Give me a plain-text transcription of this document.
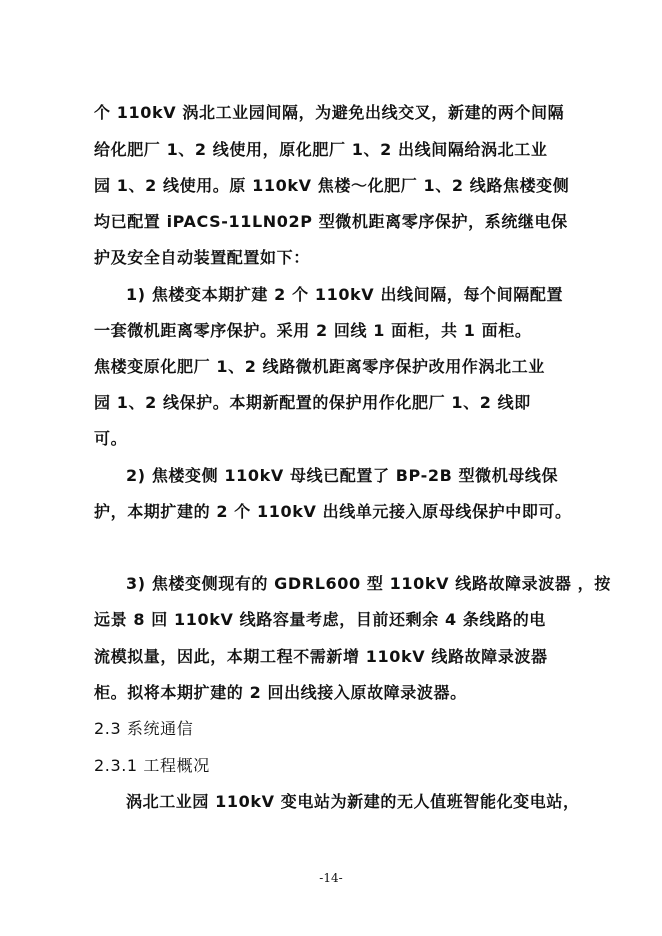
个 110kV 涡北工业园间隔，为避免出线交叉，新建的两个间隔
给化肥厂 1、2 线使用，原化肥厂 1、2 出线间隔给涡北工业
园 1、2 线使用。原 110kV 焦楼～化肥厂 1、2 线路焦楼变侧
均已配置 iPACS-11LN02P 型微机距离零序保护，系统继电保
护及安全自动装置配置如下：
1) 焦楼变本期扩建 2 个 110kV 出线间隔，每个间隔配置
一套微机距离零序保护。采用 2 回线 1 面柜，共 1 面柜。
焦楼变原化肥厂 1、2 线路微机距离零序保护改用作涡北工业
园 1、2 线保护。本期新配置的保护用作化肥厂 1、2 线即
可。
2) 焦楼变侧 110kV 母线已配置了 BP-2B 型微机母线保
护，本期扩建的 2 个 110kV 出线单元接入原母线保护中即可。
3) 焦楼变侧现有的 GDRL600 型 110kV 线路故障录波器 ，按
远景 8 回 110kV 线路容量考虑，目前还剩余 4 条线路的电
流模拟量，因此，本期工程不需新增 110kV 线路故障录波器
柜。拟将本期扩建的 2 回出线接入原故障录波器。
2.3 系统通信
2.3.1 工程概况
涡北工业园 110kV 变电站为新建的无人值班智能化变电站，
-14-
